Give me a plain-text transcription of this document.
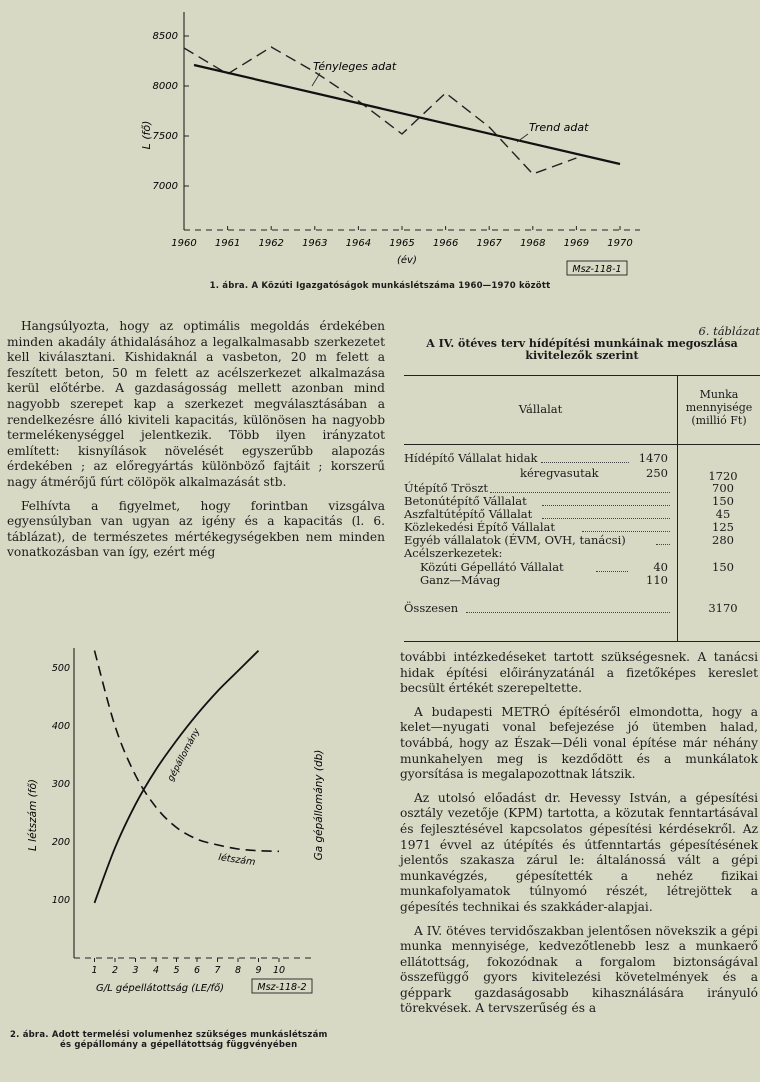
7000
7500
8000
8500
1960 1961 1962 1963 1964 1965 1966 1967 1968 1969 1970
L (fő)
(év)
Tényleges adat
Trend adat
Msz-118-1
1. ábra. A Közúti Igazgatóságok munkáslétszáma 1960—1970 között

Hangsúlyozta, hogy az optimális megoldás érdekében minden akadály áthidalásához a legalkalmasabb szerkezetet kell kiválasztani. Kishidaknál a vasbeton, 20 m felett a feszített beton, 50 m felett az acélszerkezet alkalmazása kerül előtérbe. A gazdaságosság mellett azonban mind nagyobb szerepet kap a szerkezet megválasztásában a rendelkezésre álló kiviteli kapacitás, különösen ha nagyobb termelékenységgel jelentkezik. Több ilyen irányzatot említett: kisnyílások növelését egyszerűbb alapozás érdekében ; az előregyártás különböző fajtáit ; korszerű nagy átmérőjű fúrt cölöpök alkalmazását stb.

Felhívta a figyelmet, hogy forintban vizsgálva egyensúlyban van ugyan az igény és a kapacitás (l. 6. táblázat), de természetes mértékegységekben nem minden vonatkozásban van így, ezért még

6. táblázat
A IV. ötéves terv hídépítési munkáinak megoszlása
kivitelezők szerint
Vállalat
Munka
mennyisége
(millió Ft)
Hídépítő Vállalat hidak	1470
kéregvasutak	250	1720
Útépítő Tröszt	700
Betonútépítő Vállalat	150
Aszfaltútépítő Vállalat	45
Közlekedési Építő Vállalat	125
Egyéb vállalatok (ÉVM, OVH, tanácsi)	280
Acélszerkezetek:
Közúti Gépellátó Vállalat	40	150
Ganz—Mávag	110
Összesen	3170
100
200
300
400
500
1 2 3 4 5 6 7 8 9 10
L létszám (fő)	Ga gépállomány (db)
gépállomány
létszám
G/L gépellátottság (LE/fő)	Msz-118-2
2. ábra. Adott termelési volumenhez szükséges munkáslétszám
és gépállomány a gépellátottság függvényében

további intézkedéseket tartott szükségesnek. A tanácsi hidak építési előirányzatánál a fizetőképes kereslet becsült értékét szerepeltette.

A budapesti METRÓ építéséről elmondotta, hogy a kelet—nyugati vonal befejezése jó ütemben halad, továbbá, hogy az Észak—Déli vonal építése már néhány munkahelyen meg is kezdődött és a munkálatok gyorsítása is megalapozottnak látszik.

Az utolsó előadást dr. Hevessy István, a gépesítési osztály vezetője (KPM) tartotta, a közutak fenntartásával és fejlesztésével kapcsolatos gépesítési kérdésekről. Az 1971 évvel az útépítés és útfenntartás gépesítésének jelentős szakasza zárul le: általánossá vált a gépi munkavégzés, gépesítették a nehéz fizikai munkafolyamatok túlnyomó részét, létrejöttek a gépesítés technikai és szakkáder-alapjai.

A IV. ötéves tervidőszakban jelentősen növekszik a gépi munka mennyisége, kedvezőtlenebb lesz a munkaerő ellátottság, fokozódnak a forgalom biztonságával összefüggő gyors kivitelezési követelmények és a géppark gazdaságosabb kihasználására irányuló törekvések. A tervszerűség és a
